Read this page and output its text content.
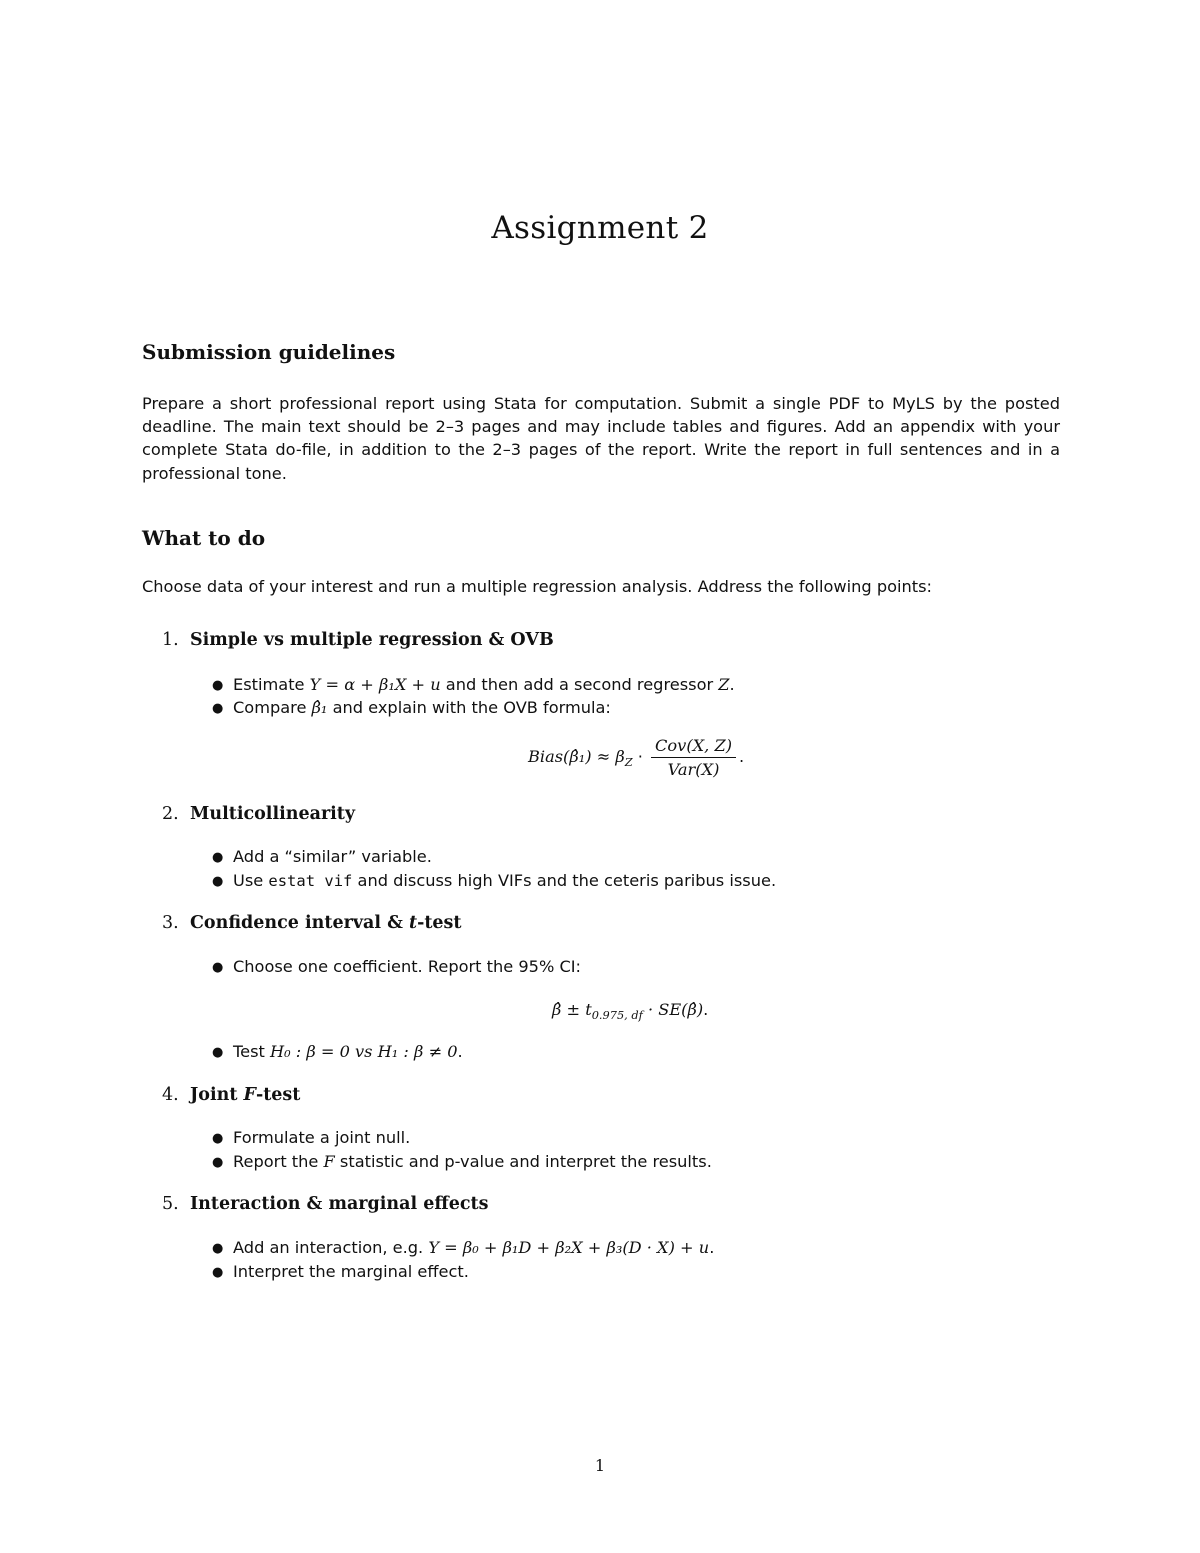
Assignment 2
Submission guidelines
Prepare a short professional report using Stata for computation. Submit a single PDF to MyLS by the posted deadline. The main text should be 2–3 pages and may include tables and figures. Add an appendix with your complete Stata do-file, in addition to the 2–3 pages of the report. Write the report in full sentences and in a professional tone.
What to do
Choose data of your interest and run a multiple regression analysis. Address the following points:
1. Simple vs multiple regression & OVB
● Estimate Y = α + β₁X + u and then add a second regressor Z.
● Compare β̂₁ and explain with the OVB formula:
Bias(β̂₁) ≈ $\beta_Z \cdot \frac{\text{Cov(X, Z)}}{\text{Var(X)}}$ .
2. Multicollinearity
● Add a “similar” variable.
● Use estat vif and discuss high VIFs and the ceteris paribus issue.
3. Confidence interval & t-test
● Choose one coefficient. Report the 95% CI:
β̂ ± $t_{0.975, df}$ · SE(β̂).
● Test H₀ : β = 0 vs H₁ : β ≠ 0.
4. Joint F-test
● Formulate a joint null.
● Report the F statistic and p-value and interpret the results.
5. Interaction & marginal effects
● Add an interaction, e.g. Y = β₀ + β₁D + β₂X + β₃(D · X) + u.
● Interpret the marginal effect.
1
